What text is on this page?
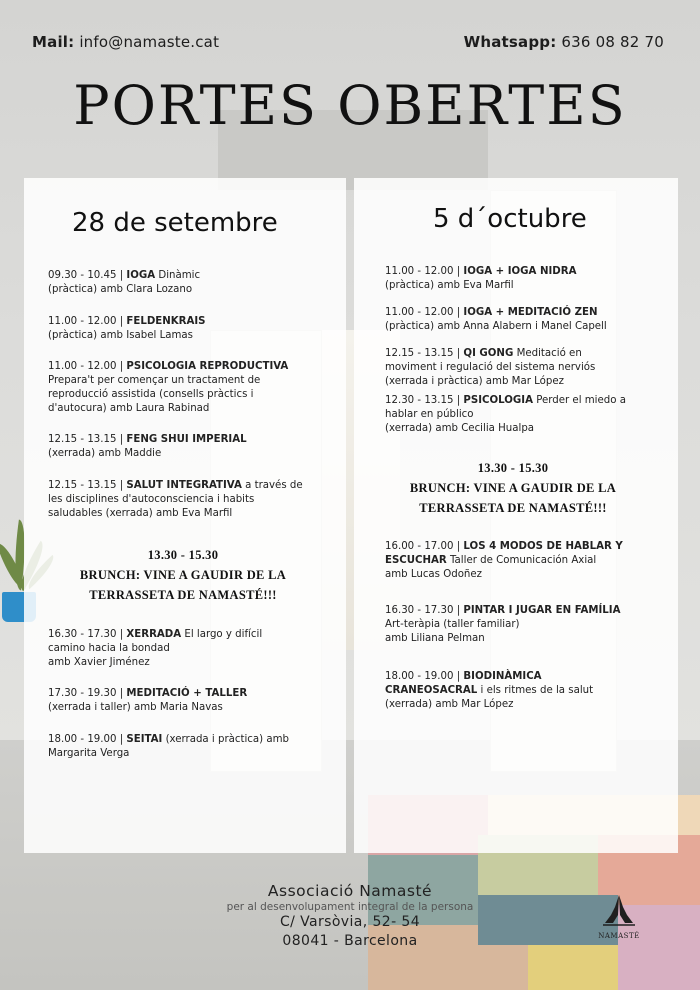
Mail: info@namaste.cat	Whatsapp: 636 08 82 70
PORTES OBERTES
28 de setembre
09.30 - 10.45 | IOGA Dinàmic
(pràctica) amb Clara Lozano
11.00 - 12.00 | FELDENKRAIS
(pràctica) amb Isabel Lamas
11.00 - 12.00 | PSICOLOGIA REPRODUCTIVA
Prepara't per començar un tractament de
reproducció assistida (consells pràctics i
d'autocura) amb Laura Rabinad
12.15 - 13.15 | FENG SHUI IMPERIAL
(xerrada) amb Maddie
12.15 - 13.15 | SALUT INTEGRATIVA a través de
les disciplines d'autoconsciencia i habits
saludables (xerrada) amb Eva Marfil
13.30 - 15.30
BRUNCH: VINE A GAUDIR DE LA
TERRASSETA DE NAMASTÉ!!!
16.30 - 17.30 | XERRADA El largo y difícil
camino hacia la bondad
amb Xavier Jiménez
17.30 - 19.30 | MEDITACIÓ + TALLER
(xerrada i taller) amb Maria Navas
18.00 - 19.00 | SEITAI (xerrada i pràctica) amb
Margarita Verga
5 d´octubre
11.00 - 12.00 | IOGA + IOGA NIDRA
(pràctica) amb Eva Marfil
11.00 - 12.00 | IOGA + MEDITACIÓ ZEN
(pràctica) amb Anna Alabern i Manel Capell
12.15 - 13.15 | QI GONG Meditació en
moviment i regulació del sistema nerviós
(xerrada i pràctica) amb Mar López
12.30 - 13.15 | PSICOLOGIA Perder el miedo a
hablar en público
(xerrada) amb Cecilia Hualpa
13.30 - 15.30
BRUNCH: VINE A GAUDIR DE LA
TERRASSETA DE NAMASTÉ!!!
16.00 - 17.00 | LOS 4 MODOS DE HABLAR Y
ESCUCHAR Taller de Comunicación Axial
amb Lucas Odoñez
16.30 - 17.30 | PINTAR I JUGAR EN FAMÍLIA
Art-teràpia (taller familiar)
amb Liliana Pelman
18.00 - 19.00 | BIODINÀMICA
CRANEOSACRAL i els ritmes de la salut
(xerrada) amb Mar López
Associació Namasté
per al desenvolupament integral de la persona
C/ Varsòvia, 52- 54
08041 - Barcelona	NAMASTÉ
